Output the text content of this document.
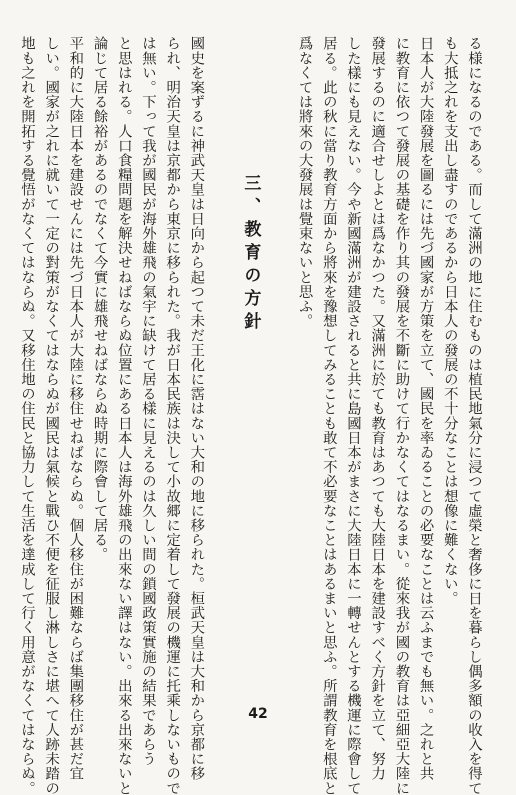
る様になるのである。而して滿洲の地に住むものは植民地氣分に浸つて虛榮と奢侈に日を暮らし偶多額の收入を得て
も大抵之れを支出し盡すのであるから日本人の發展の不十分なことは想像に難くない。
日本人が大陸發展を圖るには先づ國家が方策を立て、國民を率ゐることの必要なことは云ふまでも無い。之れと共
に教育に依つて發展の基礎を作り其の發展を不斷に助けて行かなくてはなるまい。從來我が國の教育は亞細亞大陸に
發展するのに適合せしよとは爲なかつた。又滿洲に於ても教育はあつても大陸日本を建設すべく方針を立て、努力
した樣にも見えない。今や新國滿洲が建設されると共に島國日本がまさに大陸日本に一轉せんとする機運に際會して
居る。此の秋に當り教育方面から將來を豫想してみることも敢て不必要なことはあるまいと思ふ。所謂教育を根底と
爲なくては將來の大發展は覺束ないと思ふ。
三、教育の方針
國史を案ずるに神武天皇は日向から起つて未だ王化に霑はない大和の地に移られた。桓武天皇は大和から京都に移
られ、明治天皇は京都から東京に移られた。我が日本民族は決して小故郷に定着して發展の機運に托乘しないもので
は無い。下って我が國民が海外雄飛の氣宇に缺けて居る樣に見えるのは久しい間の鎖國政策實施の結果であらう
と思はれる。人口食糧問題を解決せねばならぬ位置にある日本人は海外雄飛の出來ない譯はない。出來る出來ないと
論じて居る餘裕があるのでなくて今實に雄飛せねばならぬ時期に際會して居る。
平和的に大陸日本を建設せんには先づ日本人が大陸に移住せねばならぬ。個人移住が困難ならば集團移住が甚だ宜
しい。國家が之れに就いて一定の對策がなくてはならぬが國民は氣候と戰ひ不便を征服し淋しさに堪へて人跡未踏の
地も之れを開拓する覺悟がなくてはならぬ。又移住地の住民と協力して生活を達成して行く用意がなくてはならぬ。	42
